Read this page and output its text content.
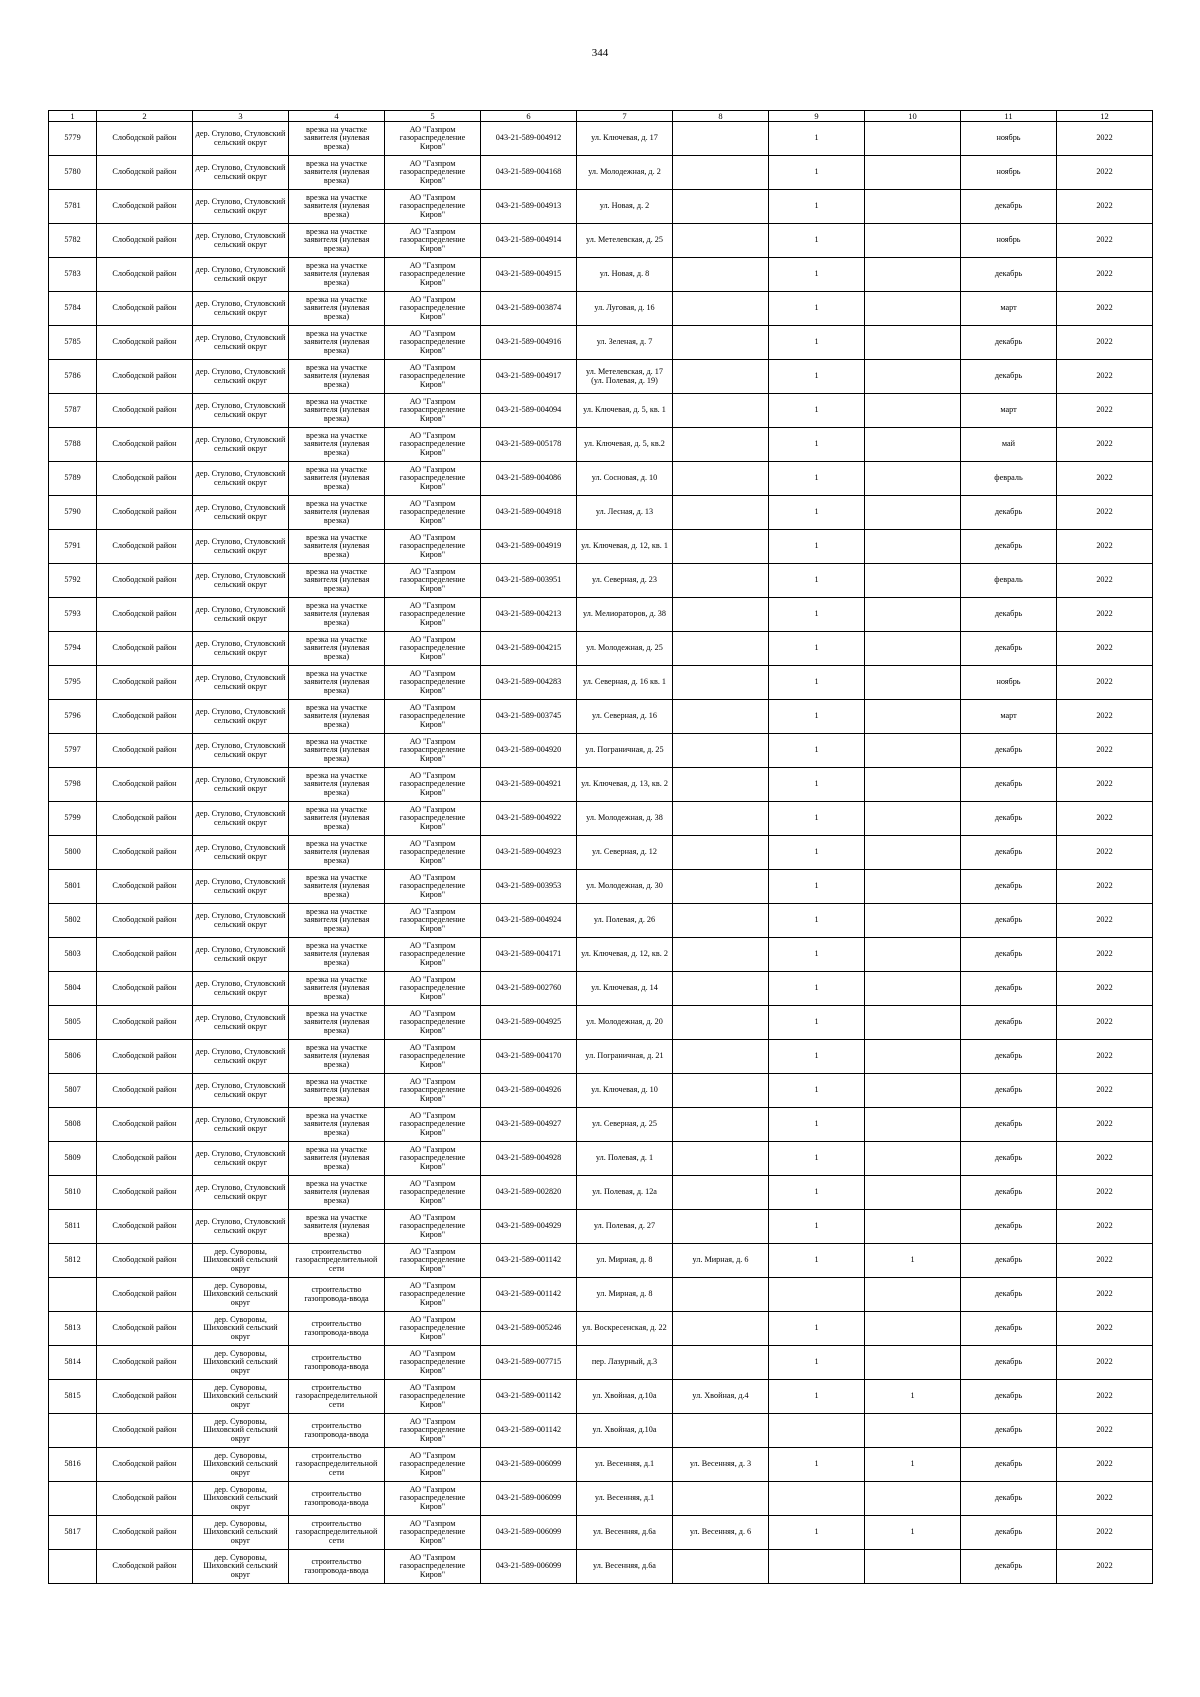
344
1	2	3	4	5	6	7	8	9	10	11	12
5779	Слободской район	дер. Стулово, Стуловский сельский округ	врезка на участке заявителя (нулевая врезка)	АО "Газпром газораспределение Киров"	043-21-589-004912	ул. Ключевая, д. 17		1		ноябрь	2022
5780	Слободской район	дер. Стулово, Стуловский сельский округ	врезка на участке заявителя (нулевая врезка)	АО "Газпром газораспределение Киров"	043-21-589-004168	ул. Молодежная, д. 2		1		ноябрь	2022
5781	Слободской район	дер. Стулово, Стуловский сельский округ	врезка на участке заявителя (нулевая врезка)	АО "Газпром газораспределение Киров"	043-21-589-004913	ул. Новая, д. 2		1		декабрь	2022
5782	Слободской район	дер. Стулово, Стуловский сельский округ	врезка на участке заявителя (нулевая врезка)	АО "Газпром газораспределение Киров"	043-21-589-004914	ул. Метелевская, д. 25		1		ноябрь	2022
5783	Слободской район	дер. Стулово, Стуловский сельский округ	врезка на участке заявителя (нулевая врезка)	АО "Газпром газораспределение Киров"	043-21-589-004915	ул. Новая, д. 8		1		декабрь	2022
5784	Слободской район	дер. Стулово, Стуловский сельский округ	врезка на участке заявителя (нулевая врезка)	АО "Газпром газораспределение Киров"	043-21-589-003874	ул. Луговая, д. 16		1		март	2022
5785	Слободской район	дер. Стулово, Стуловский сельский округ	врезка на участке заявителя (нулевая врезка)	АО "Газпром газораспределение Киров"	043-21-589-004916	ул. Зеленая, д. 7		1		декабрь	2022
5786	Слободской район	дер. Стулово, Стуловский сельский округ	врезка на участке заявителя (нулевая врезка)	АО "Газпром газораспределение Киров"	043-21-589-004917	ул. Метелевская, д. 17 (ул. Полевая, д. 19)		1		декабрь	2022
5787	Слободской район	дер. Стулово, Стуловский сельский округ	врезка на участке заявителя (нулевая врезка)	АО "Газпром газораспределение Киров"	043-21-589-004094	ул. Ключевая, д. 5, кв. 1		1		март	2022
5788	Слободской район	дер. Стулово, Стуловский сельский округ	врезка на участке заявителя (нулевая врезка)	АО "Газпром газораспределение Киров"	043-21-589-005178	ул. Ключевая, д. 5, кв.2		1		май	2022
5789	Слободской район	дер. Стулово, Стуловский сельский округ	врезка на участке заявителя (нулевая врезка)	АО "Газпром газораспределение Киров"	043-21-589-004086	ул. Сосновая, д. 10		1		февраль	2022
5790	Слободской район	дер. Стулово, Стуловский сельский округ	врезка на участке заявителя (нулевая врезка)	АО "Газпром газораспределение Киров"	043-21-589-004918	ул. Лесная, д. 13		1		декабрь	2022
5791	Слободской район	дер. Стулово, Стуловский сельский округ	врезка на участке заявителя (нулевая врезка)	АО "Газпром газораспределение Киров"	043-21-589-004919	ул. Ключевая, д. 12, кв. 1		1		декабрь	2022
5792	Слободской район	дер. Стулово, Стуловский сельский округ	врезка на участке заявителя (нулевая врезка)	АО "Газпром газораспределение Киров"	043-21-589-003951	ул. Северная, д. 23		1		февраль	2022
5793	Слободской район	дер. Стулово, Стуловский сельский округ	врезка на участке заявителя (нулевая врезка)	АО "Газпром газораспределение Киров"	043-21-589-004213	ул. Мелиораторов, д. 38		1		декабрь	2022
5794	Слободской район	дер. Стулово, Стуловский сельский округ	врезка на участке заявителя (нулевая врезка)	АО "Газпром газораспределение Киров"	043-21-589-004215	ул. Молодежная, д. 25		1		декабрь	2022
5795	Слободской район	дер. Стулово, Стуловский сельский округ	врезка на участке заявителя (нулевая врезка)	АО "Газпром газораспределение Киров"	043-21-589-004283	ул. Северная, д. 16 кв. 1		1		ноябрь	2022
5796	Слободской район	дер. Стулово, Стуловский сельский округ	врезка на участке заявителя (нулевая врезка)	АО "Газпром газораспределение Киров"	043-21-589-003745	ул. Северная, д. 16		1		март	2022
5797	Слободской район	дер. Стулово, Стуловский сельский округ	врезка на участке заявителя (нулевая врезка)	АО "Газпром газораспределение Киров"	043-21-589-004920	ул. Пограничная, д. 25		1		декабрь	2022
5798	Слободской район	дер. Стулово, Стуловский сельский округ	врезка на участке заявителя (нулевая врезка)	АО "Газпром газораспределение Киров"	043-21-589-004921	ул. Ключевая, д. 13, кв. 2		1		декабрь	2022
5799	Слободской район	дер. Стулово, Стуловский сельский округ	врезка на участке заявителя (нулевая врезка)	АО "Газпром газораспределение Киров"	043-21-589-004922	ул. Молодежная, д. 38		1		декабрь	2022
5800	Слободской район	дер. Стулово, Стуловский сельский округ	врезка на участке заявителя (нулевая врезка)	АО "Газпром газораспределение Киров"	043-21-589-004923	ул. Северная, д. 12		1		декабрь	2022
5801	Слободской район	дер. Стулово, Стуловский сельский округ	врезка на участке заявителя (нулевая врезка)	АО "Газпром газораспределение Киров"	043-21-589-003953	ул. Молодежная, д. 30		1		декабрь	2022
5802	Слободской район	дер. Стулово, Стуловский сельский округ	врезка на участке заявителя (нулевая врезка)	АО "Газпром газораспределение Киров"	043-21-589-004924	ул. Полевая, д. 26		1		декабрь	2022
5803	Слободской район	дер. Стулово, Стуловский сельский округ	врезка на участке заявителя (нулевая врезка)	АО "Газпром газораспределение Киров"	043-21-589-004171	ул. Ключевая, д. 12, кв. 2		1		декабрь	2022
5804	Слободской район	дер. Стулово, Стуловский сельский округ	врезка на участке заявителя (нулевая врезка)	АО "Газпром газораспределение Киров"	043-21-589-002760	ул. Ключевая, д. 14		1		декабрь	2022
5805	Слободской район	дер. Стулово, Стуловский сельский округ	врезка на участке заявителя (нулевая врезка)	АО "Газпром газораспределение Киров"	043-21-589-004925	ул. Молодежная, д. 20		1		декабрь	2022
5806	Слободской район	дер. Стулово, Стуловский сельский округ	врезка на участке заявителя (нулевая врезка)	АО "Газпром газораспределение Киров"	043-21-589-004170	ул. Пограничная, д. 21		1		декабрь	2022
5807	Слободской район	дер. Стулово, Стуловский сельский округ	врезка на участке заявителя (нулевая врезка)	АО "Газпром газораспределение Киров"	043-21-589-004926	ул. Ключевая, д. 10		1		декабрь	2022
5808	Слободской район	дер. Стулово, Стуловский сельский округ	врезка на участке заявителя (нулевая врезка)	АО "Газпром газораспределение Киров"	043-21-589-004927	ул. Северная, д. 25		1		декабрь	2022
5809	Слободской район	дер. Стулово, Стуловский сельский округ	врезка на участке заявителя (нулевая врезка)	АО "Газпром газораспределение Киров"	043-21-589-004928	ул. Полевая, д. 1		1		декабрь	2022
5810	Слободской район	дер. Стулово, Стуловский сельский округ	врезка на участке заявителя (нулевая врезка)	АО "Газпром газораспределение Киров"	043-21-589-002820	ул. Полевая, д. 12а		1		декабрь	2022
5811	Слободской район	дер. Стулово, Стуловский сельский округ	врезка на участке заявителя (нулевая врезка)	АО "Газпром газораспределение Киров"	043-21-589-004929	ул. Полевая, д. 27		1		декабрь	2022
5812	Слободской район	дер. Суворовы, Шиховский сельский округ	строительство газораспределительной сети	АО "Газпром газораспределение Киров"	043-21-589-001142	ул. Мирная, д. 8	ул. Мирная, д. 6	1	1	декабрь	2022
	Слободской район	дер. Суворовы, Шиховский сельский округ	строительство газопровода-ввода	АО "Газпром газораспределение Киров"	043-21-589-001142	ул. Мирная, д. 8				декабрь	2022
5813	Слободской район	дер. Суворовы, Шиховский сельский округ	строительство газопровода-ввода	АО "Газпром газораспределение Киров"	043-21-589-005246	ул. Воскресенская, д. 22		1		декабрь	2022
5814	Слободской район	дер. Суворовы, Шиховский сельский округ	строительство газопровода-ввода	АО "Газпром газораспределение Киров"	043-21-589-007715	пер. Лазурный, д.3		1		декабрь	2022
5815	Слободской район	дер. Суворовы, Шиховский сельский округ	строительство газораспределительной сети	АО "Газпром газораспределение Киров"	043-21-589-001142	ул. Хвойная, д.10а	ул. Хвойная, д.4	1	1	декабрь	2022
	Слободской район	дер. Суворовы, Шиховский сельский округ	строительство газопровода-ввода	АО "Газпром газораспределение Киров"	043-21-589-001142	ул. Хвойная, д.10а				декабрь	2022
5816	Слободской район	дер. Суворовы, Шиховский сельский округ	строительство газораспределительной сети	АО "Газпром газораспределение Киров"	043-21-589-006099	ул. Весенняя, д.1	ул. Весенняя, д. 3	1	1	декабрь	2022
	Слободской район	дер. Суворовы, Шиховский сельский округ	строительство газопровода-ввода	АО "Газпром газораспределение Киров"	043-21-589-006099	ул. Весенняя, д.1				декабрь	2022
5817	Слободской район	дер. Суворовы, Шиховский сельский округ	строительство газораспределительной сети	АО "Газпром газораспределение Киров"	043-21-589-006099	ул. Весенняя, д.6а	ул. Весенняя, д. 6	1	1	декабрь	2022
	Слободской район	дер. Суворовы, Шиховский сельский округ	строительство газопровода-ввода	АО "Газпром газораспределение Киров"	043-21-589-006099	ул. Весенняя, д.6а				декабрь	2022
